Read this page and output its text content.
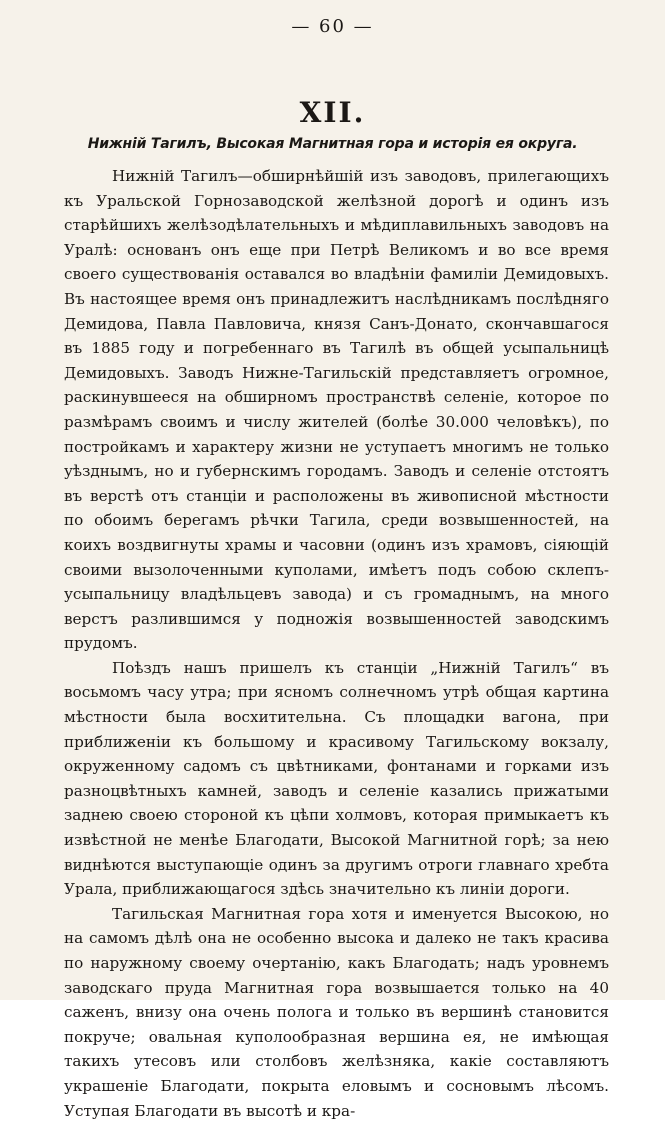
— 60 —
XII.
Нижній Тагилъ, Высокая Магнитная гора и исторія ея округа.

Нижній Тагилъ—обширнѣйшій изъ заводовъ, прилегающихъ къ Уральской Горнозаводской желѣзной дорогѣ и одинъ изъ старѣйшихъ желѣзодѣлательныхъ и мѣдиплавильныхъ заводовъ на Уралѣ: основанъ онъ еще при Петрѣ Великомъ и во все время своего существованія оставался во владѣніи фамиліи Демидовыхъ. Въ настоящее время онъ принадлежитъ наслѣдникамъ послѣдняго Демидова, Павла Павловича, князя Санъ-Донато, скончавшагося въ 1885 году и погребеннаго въ Тагилѣ въ общей усыпальницѣ Демидовыхъ. Заводъ Нижне-Тагильскій представляетъ огромное, раскинувшееся на обширномъ пространствѣ селеніе, которое по размѣрамъ своимъ и числу жителей (болѣе 30.000 человѣкъ), по постройкамъ и характеру жизни не уступаетъ многимъ не только уѣзднымъ, но и губернскимъ городамъ. Заводъ и селеніе отстоятъ въ верстѣ отъ станціи и расположены въ живописной мѣстности по обоимъ берегамъ рѣчки Тагила, среди возвышенностей, на коихъ воздвигнуты храмы и часовни (одинъ изъ храмовъ, сіяющій своими вызолоченными куполами, имѣетъ подъ собою склепъ-усыпальницу владѣльцевъ завода) и съ громаднымъ, на много верстъ разлившимся у подножія возвышенностей заводскимъ прудомъ.

Поѣздъ нашъ пришелъ къ станціи „Нижній Тагилъ“ въ восьмомъ часу утра; при ясномъ солнечномъ утрѣ общая картина мѣстности была восхитительна. Съ площадки вагона, при приближеніи къ большому и красивому Тагильскому вокзалу, окруженному садомъ съ цвѣтниками, фонтанами и горками изъ разноцвѣтныхъ камней, заводъ и селеніе казались прижатыми заднею своею стороной къ цѣпи холмовъ, которая примыкаетъ къ извѣстной не менѣе Благодати, Высокой Магнитной горѣ; за нею виднѣются выступающіе одинъ за другимъ отроги главнаго хребта Урала, приближающагося здѣсь значительно къ линіи дороги.

Тагильская Магнитная гора хотя и именуется Высокою, но на самомъ дѣлѣ она не особенно высока и далеко не такъ красива по наружному своему очертанію, какъ Благодать; надъ уровнемъ заводскаго пруда Магнитная гора возвышается только на 40 саженъ, внизу она очень полога и только въ вершинѣ становится покруче; овальная куполообразная вершина ея, не имѣющая такихъ утесовъ или столбовъ желѣзняка, какіе составляютъ украшеніе Благодати, покрыта еловымъ и сосновымъ лѣсомъ. Уступая Благодати въ высотѣ и кра-
